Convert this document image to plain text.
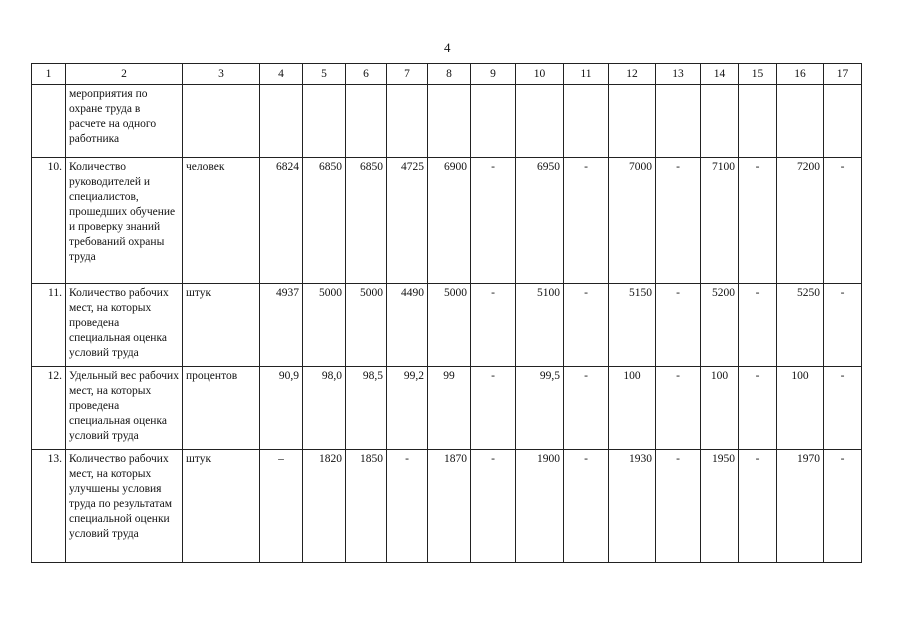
4
1	2	3	4	5	6	7	8	9	10	11	12	13	14	15	16	17
	мероприятия по охране труда в расчете на одного работника															
10.	Количество руководителей и специалистов, прошедших обучение и проверку знаний требований охраны труда	человек	6824	6850	6850	4725	6900	-	6950	-	7000	-	7100	-	7200	-
11.	Количество рабочих мест, на которых проведена специальная оценка условий труда	штук	4937	5000	5000	4490	5000	-	5100	-	5150	-	5200	-	5250	-
12.	Удельный вес рабочих мест, на которых проведена специальная оценка условий труда	процентов	90,9	98,0	98,5	99,2	99	-	99,5	-	100	-	100	-	100	-
13.	Количество рабочих мест, на которых улучшены условия труда по результатам специальной оценки условий труда	штук	–	1820	1850	-	1870	-	1900	-	1930	-	1950	-	1970	-
